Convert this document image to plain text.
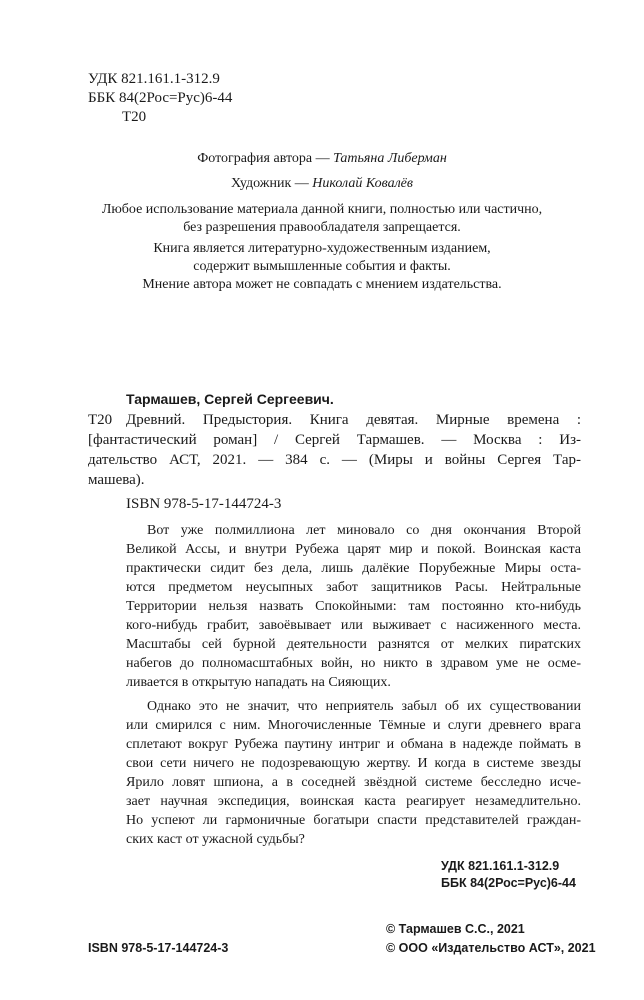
УДК 821.161.1-312.9
ББК 84(2Рос=Рус)6-44
Т20
Фотография автора — Татьяна Либерман
Художник — Николай Ковалёв
Любое использование материала данной книги, полностью или частично,
без разрешения правообладателя запрещается.
Книга является литературно-художественным изданием,
содержит вымышленные события и факты.
Мнение автора может не совпадать с мнением издательства.
Тармашев, Сергей Сергеевич.
Т20 Древний. Предыстория. Книга девятая. Мирные времена :
[фантастический роман] / Сергей Тармашев. — Москва : Из-
дательство АСТ, 2021. — 384 с. — (Миры и войны Сергея Тар-
машева).
ISBN 978-5-17-144724-3
Вот уже полмиллиона лет миновало со дня окончания Второй
Великой Ассы, и внутри Рубежа царят мир и покой. Воинская каста
практически сидит без дела, лишь далёкие Порубежные Миры оста-
ются предметом неусыпных забот защитников Расы. Нейтральные
Территории нельзя назвать Спокойными: там постоянно кто-нибудь
кого-нибудь грабит, завоёвывает или выживает с насиженного места.
Масштабы сей бурной деятельности разнятся от мелких пиратских
набегов до полномасштабных войн, но никто в здравом уме не осме-
ливается в открытую нападать на Сияющих.
Однако это не значит, что неприятель забыл об их существовании
или смирился с ним. Многочисленные Тёмные и слуги древнего врага
сплетают вокруг Рубежа паутину интриг и обмана в надежде поймать в
свои сети ничего не подозревающую жертву. И когда в системе звезды
Ярило ловят шпиона, а в соседней звёздной системе бесследно исче-
зает научная экспедиция, воинская каста реагирует незамедлительно.
Но успеют ли гармоничные богатыри спасти представителей граждан-
ских каст от ужасной судьбы?
УДК 821.161.1-312.9
ББК 84(2Рос=Рус)6-44
© Тармашев С.С., 2021
© ООО «Издательство АСТ», 2021
ISBN 978-5-17-144724-3
